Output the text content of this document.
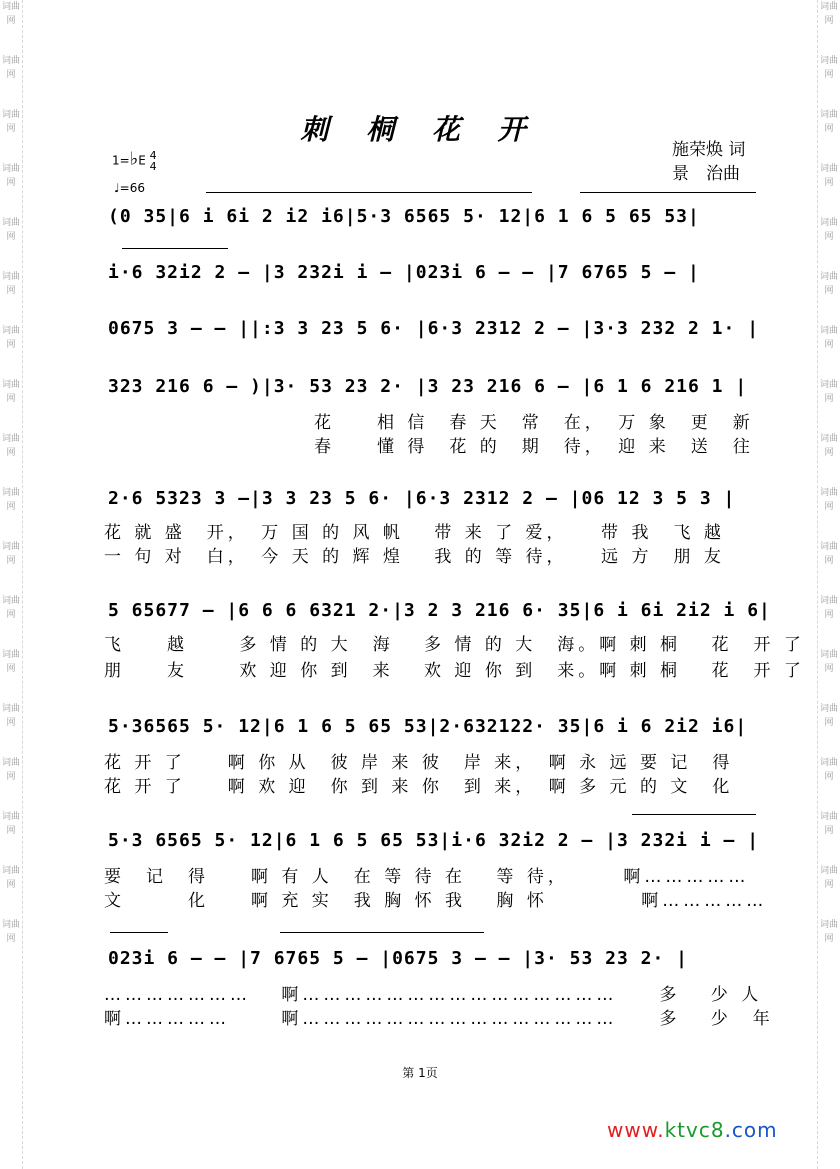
词曲网
词曲网
词曲网
词曲网
词曲网
词曲网
词曲网
词曲网
词曲网
词曲网
词曲网
词曲网
词曲网
词曲网
词曲网
词曲网
词曲网
词曲网
词曲网
词曲网
词曲网
词曲网
词曲网
词曲网
词曲网
词曲网
词曲网
词曲网
词曲网
词曲网
词曲网
词曲网
词曲网
词曲网
词曲网
词曲网
刺 桐 花 开
施荣焕 词
景　治曲
1=♭E 4
4
♩=66
(0 35|6 i 6i 2 i2 i6|5·3 6565 5· 12|6 1 6 5 65 53|
i·6 32i2 2 — |3 232i i — |023i 6 — — |7 6765 5 — |
0675 3 — — ||:3 3 23 5 6· |6·3 2312 2 — |3·3 232 2 1· |
323 216 6 — )|3· 53 23 2· |3 23 216 6 — |6 1 6 216 1 |
　　　　　　　　　　花　　相 信　春 天　常　在，　万 象　更　新
　　　　　　　　　　春　　懂 得　花 的　期　待，　迎 来　送　往
2·6 5323 3 —|3 3 23 5 6· |6·3 2312 2 — |06 12 3 5 3 |
花 就 盛　开，　万 国 的 风 帆　 带 来 了 爱，　　带 我　飞 越
一 句 对　白，　今 天 的 辉 煌　 我 的 等 待，　　远 方　朋 友
5 65677 — |6 6 6 6321 2·|3 2 3 216 6· 35|6 i 6i 2i2 i 6|
飞　　越　　 多 情 的 大　海　 多 情 的 大　海。啊 刺 桐　 花　开 了
朋　　友　　 欢 迎 你 到　来　 欢 迎 你 到　来。啊 刺 桐　 花　开 了
5·36565 5· 12|6 1 6 5 65 53|2·632122· 35|6 i 6 2i2 i6|
花 开 了　　啊 你 从　彼 岸 来 彼　岸 来，　啊 永 远 要 记　得
花 开 了　　啊 欢 迎　你 到 来 你　到 来，　啊 多 元 的 文　化
5·3 6565 5· 12|6 1 6 5 65 53|i·6 32i2 2 — |3 232i i — |
要　记　得　　啊 有 人　在 等 待 在　 等 待，　　　啊……………
文　　　化　　啊 充 实　我 胸 怀 我　 胸 怀　　　　 啊……………
023i 6 — — |7 6765 5 — |0675 3 — — |3· 53 23 2· |
…………………　 啊………………………………………　　多　 少 人
啊……………　　 啊………………………………………　　多　 少　年
第 1页
www.ktvc8.com
